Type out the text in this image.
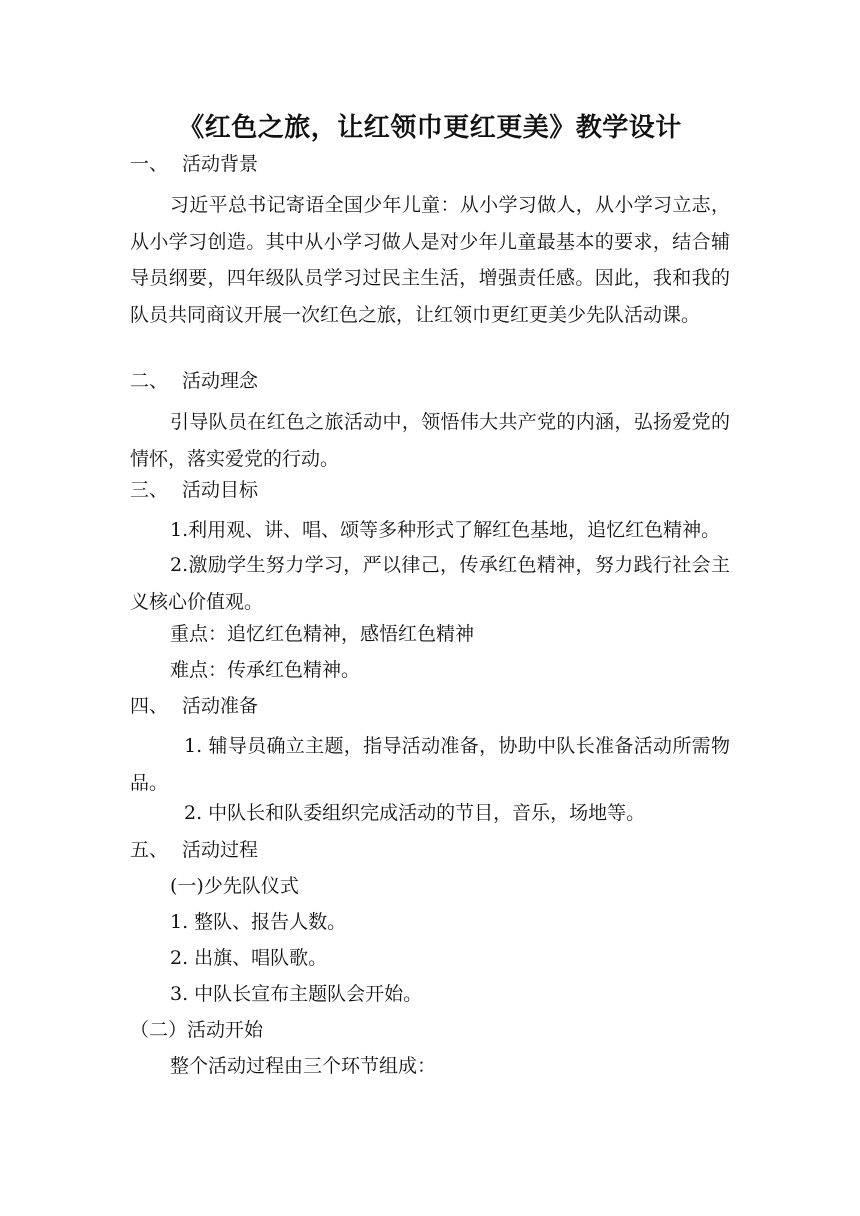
《红色之旅，让红领巾更红更美》教学设计
一、 活动背景

习近平总书记寄语全国少年儿童：从小学习做人，从小学习立志，从小学习创造。其中从小学习做人是对少年儿童最基本的要求，结合辅导员纲要，四年级队员学习过民主生活，增强责任感。因此，我和我的队员共同商议开展一次红色之旅，让红领巾更红更美少先队活动课。

二、 活动理念

引导队员在红色之旅活动中，领悟伟大共产党的内涵，弘扬爱党的情怀，落实爱党的行动。

三、 活动目标

1.利用观、讲、唱、颂等多种形式了解红色基地，追忆红色精神。

2.激励学生努力学习，严以律己，传承红色精神，努力践行社会主义核心价值观。

重点：追忆红色精神，感悟红色精神
难点：传承红色精神。
四、 活动准备

1. 辅导员确立主题，指导活动准备，协助中队长准备活动所需物品。

2. 中队长和队委组织完成活动的节目，音乐，场地等。
五、 活动过程
(一)少先队仪式
1. 整队、报告人数。
2. 出旗、唱队歌。
3. 中队长宣布主题队会开始。
（二）活动开始
整个活动过程由三个环节组成：
